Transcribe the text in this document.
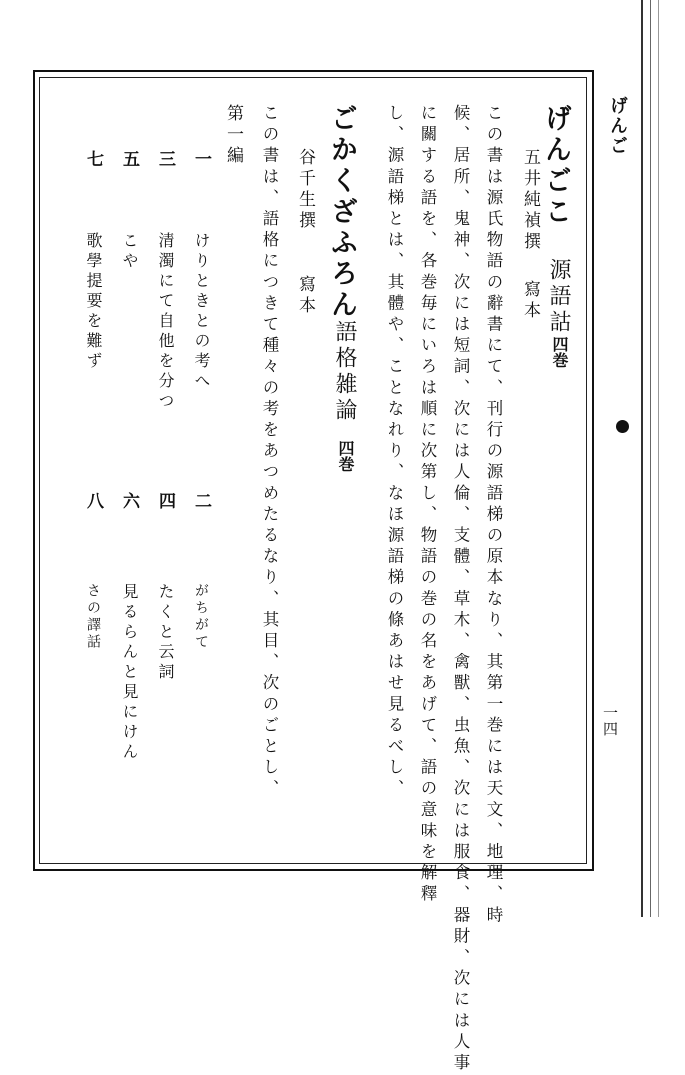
げんご
一四
げんごこ
源語詁
四巻
五井純禎撰
寫本
この書は源氏物語の辭書にて、刊行の源語梯の原本なり、其第一巻には天文、地理、時
候、居所、鬼神、次には短詞、次には人倫、支體、草木、禽獸、虫魚、次には服食、器財、次には人事
に關する語を、各巻毎にいろは順に次第し、物語の巻の名をあげて、語の意味を解釋
し、源語梯とは、其體や、ことなれり、なほ源語梯の條あはせ見るべし、
ごかくざふろん
語格雑論
四巻
谷千生撰
寫本
この書は、語格につきて種々の考をあつめたるなり、其目、次のごとし、
第一編
一
けりときとの考へ
三
清濁にて自他を分つ
五
こや
七
歌學提要を難ず
二
がちがて
四
たくと云詞
六
見るらんと見にけん
八
さの譯話
